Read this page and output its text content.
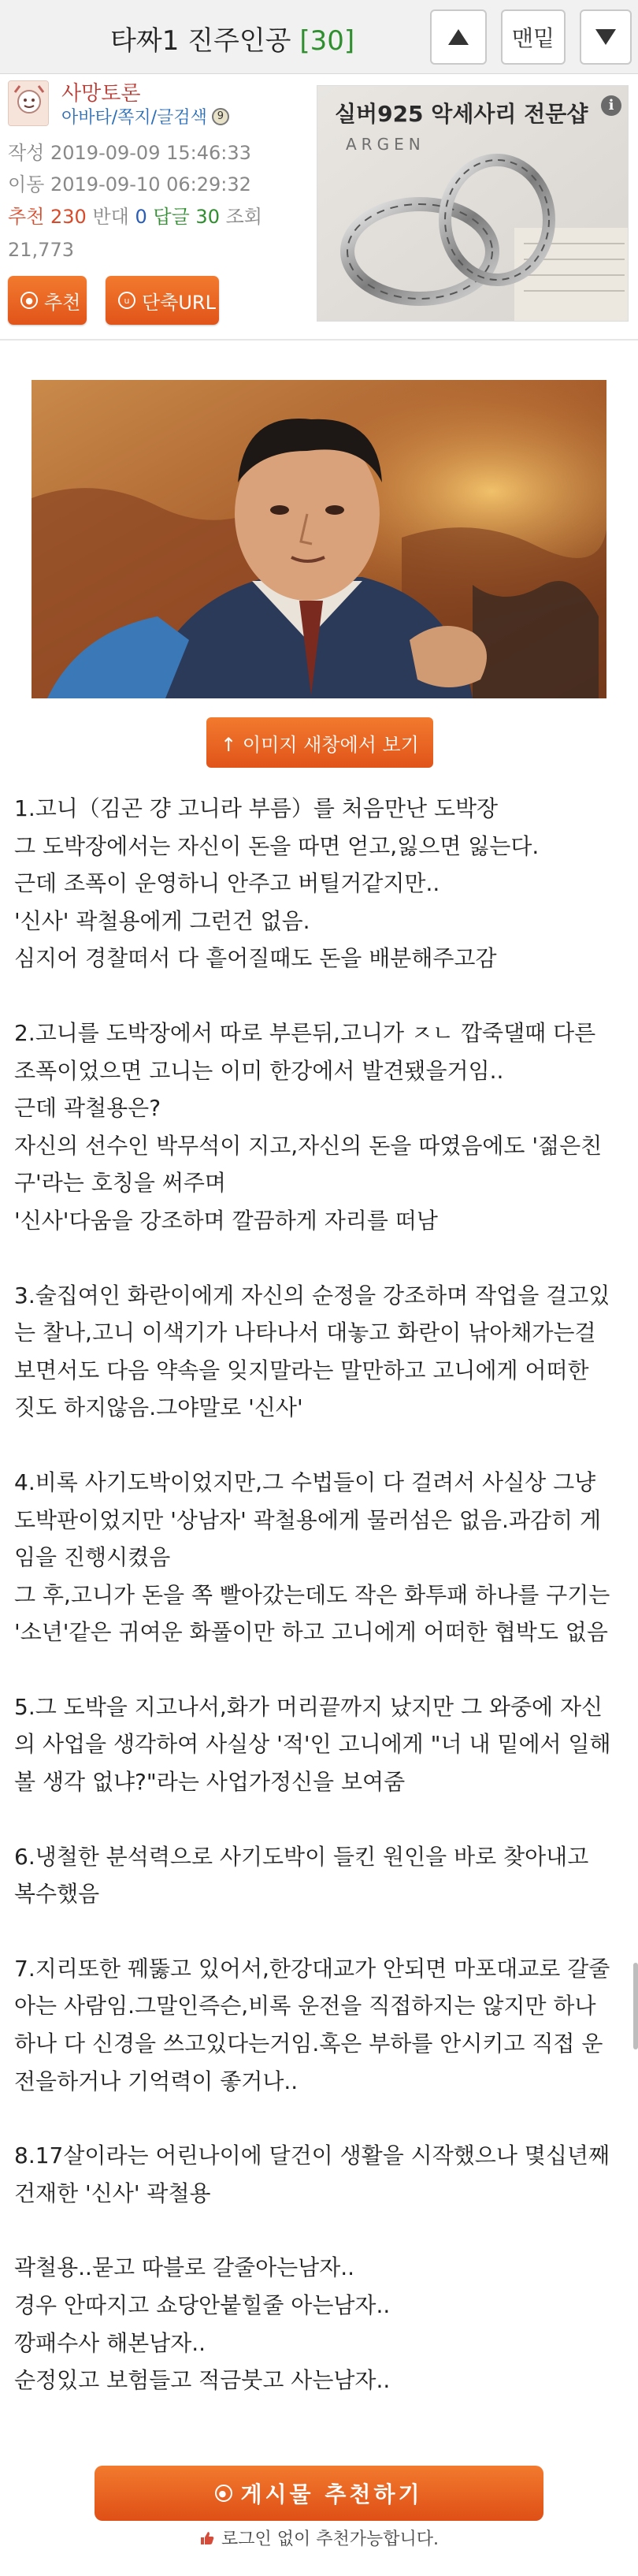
타짜1 진주인공 [30]	맨밑
사망토론
아바타/쪽지/글검색 9
작성 2019-09-09 15:46:33
이동 2019-09-10 06:29:32
추천 230 반대 0 답글 30 조회 21,773
● 추천	u 단축URL
실버925 악세사리 전문샵
ARGEN
i
↑ 이미지 새창에서 보기
1.고니（김곤 걍 고니라 부름）를 처음만난 도박장
그 도박장에서는 자신이 돈을 따면 얻고,잃으면 잃는다.
근데 조폭이 운영하니 안주고 버틸거같지만..
'신사' 곽철용에게 그런건 없음.
심지어 경찰떠서 다 흩어질때도 돈을 배분해주고감
2.고니를 도박장에서 따로 부른뒤,고니가 ㅈㄴ 깝죽댈때 다른
조폭이었으면 고니는 이미 한강에서 발견됐을거임..
근데 곽철용은?
자신의 선수인 박무석이 지고,자신의 돈을 따였음에도 '젊은친
구'라는 호칭을 써주며
'신사'다움을 강조하며 깔끔하게 자리를 떠남
3.술집여인 화란이에게 자신의 순정을 강조하며 작업을 걸고있
는 찰나,고니 이색기가 나타나서 대놓고 화란이 낚아채가는걸
보면서도 다음 약속을 잊지말라는 말만하고 고니에게 어떠한
짓도 하지않음.그야말로 '신사'
4.비록 사기도박이었지만,그 수법들이 다 걸려서 사실상 그냥
도박판이었지만 '상남자' 곽철용에게 물러섬은 없음.과감히 게
임을 진행시켰음
그 후,고니가 돈을 쪽 빨아갔는데도 작은 화투패 하나를 구기는
'소년'같은 귀여운 화풀이만 하고 고니에게 어떠한 협박도 없음
5.그 도박을 지고나서,화가 머리끝까지 났지만 그 와중에 자신
의 사업을 생각하여 사실상 '적'인 고니에게 "너 내 밑에서 일해
볼 생각 없냐?"라는 사업가정신을 보여줌
6.냉철한 분석력으로 사기도박이 들킨 원인을 바로 찾아내고
복수했음
7.지리또한 꿰뚫고 있어서,한강대교가 안되면 마포대교로 갈줄
아는 사람임.그말인즉슨,비록 운전을 직접하지는 않지만 하나
하나 다 신경을 쓰고있다는거임.혹은 부하를 안시키고 직접 운
전을하거나 기억력이 좋거나..
8.17살이라는 어린나이에 달건이 생활을 시작했으나 몇십년째
건재한 '신사' 곽철용
곽철용..묻고 따블로 갈줄아는남자..
경우 안따지고 쇼당안붙힐줄 아는남자..
깡패수사 해본남자..
순정있고 보험들고 적금붓고 사는남자..
● 게시물 추천하기
로그인 없이 추천가능합니다.
